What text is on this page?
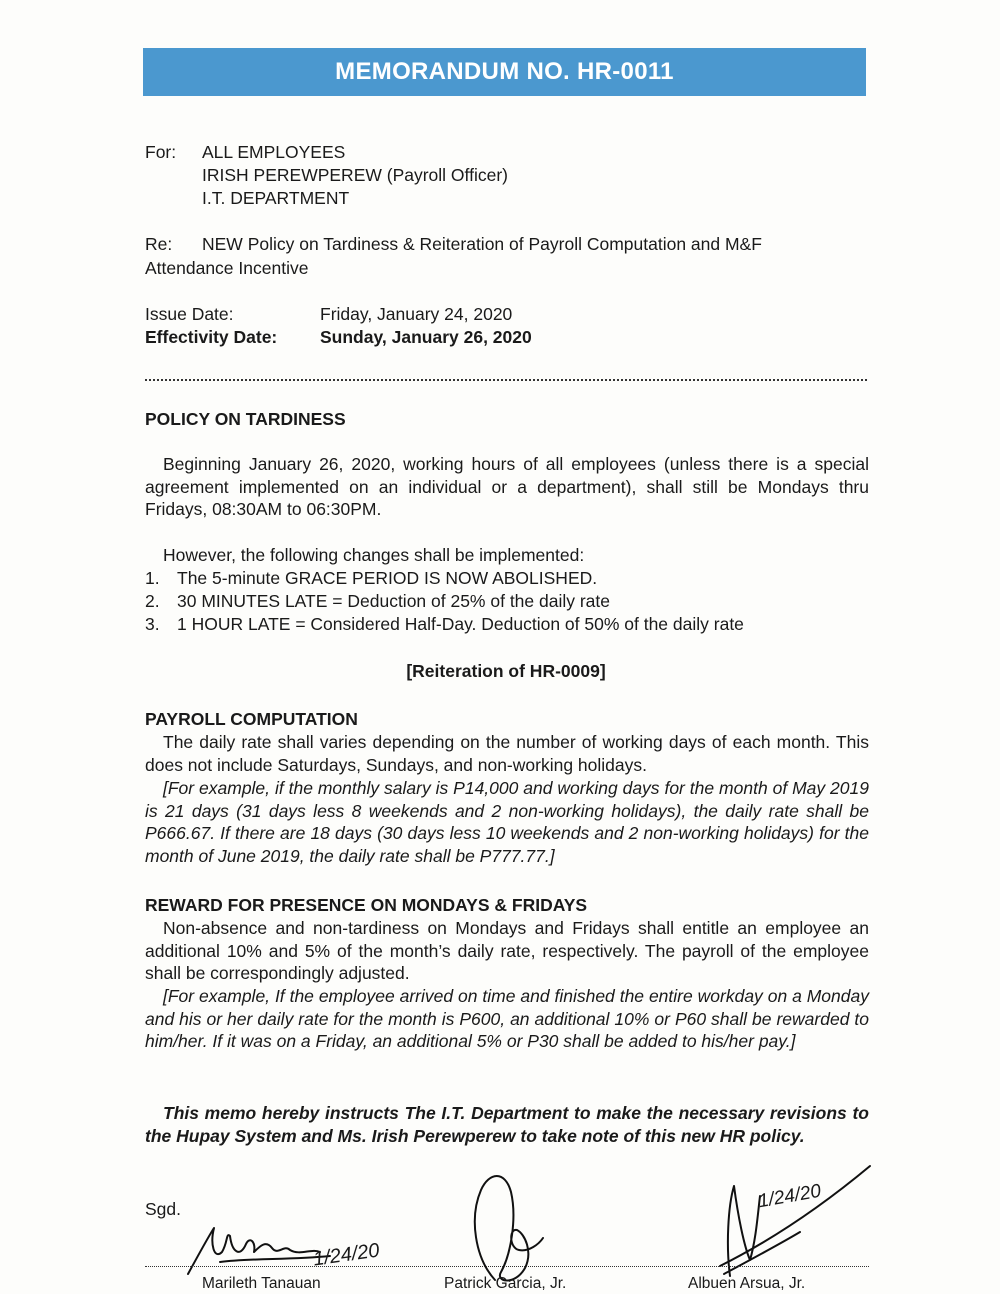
MEMORANDUM NO. HR-0011
For: ALL EMPLOYEES
IRISH PEREWPEREW (Payroll Officer)
I.T. DEPARTMENT
Re: NEW Policy on Tardiness & Reiteration of Payroll Computation and M&F
Attendance Incentive
Issue Date:	Friday, January 24, 2020
Effectivity Date: Sunday, January 26, 2020
POLICY ON TARDINESS
Beginning January 26, 2020, working hours of all employees (unless there is a special agreement implemented on an individual or a department), shall still be Mondays thru Fridays, 08:30AM to 06:30PM.
However, the following changes shall be implemented:
1. The 5-minute GRACE PERIOD IS NOW ABOLISHED.
2. 30 MINUTES LATE = Deduction of 25% of the daily rate
3. 1 HOUR LATE = Considered Half-Day. Deduction of 50% of the daily rate
[Reiteration of HR-0009]
PAYROLL COMPUTATION
The daily rate shall varies depending on the number of working days of each month. This does not include Saturdays, Sundays, and non-working holidays.
[For example, if the monthly salary is P14,000 and working days for the month of May 2019 is 21 days (31 days less 8 weekends and 2 non-working holidays), the daily rate shall be P666.67. If there are 18 days (30 days less 10 weekends and 2 non-working holidays) for the month of June 2019, the daily rate shall be P777.77.]
REWARD FOR PRESENCE ON MONDAYS & FRIDAYS
Non-absence and non-tardiness on Mondays and Fridays shall entitle an employee an additional 10% and 5% of the month’s daily rate, respectively. The payroll of the employee shall be correspondingly adjusted.
[For example, If the employee arrived on time and finished the entire workday on a Monday and his or her daily rate for the month is P600, an additional 10% or P60 shall be rewarded to him/her. If it was on a Friday, an additional 5% or P30 shall be added to his/her pay.]
This memo hereby instructs The I.T. Department to make the necessary revisions to the Hupay System and Ms. Irish Perewperew to take note of this new HR policy.
Sgd.
1/24/20
1/24/20
Marileth Tanauan	Patrick Garcia, Jr.	Albuen Arsua, Jr.
